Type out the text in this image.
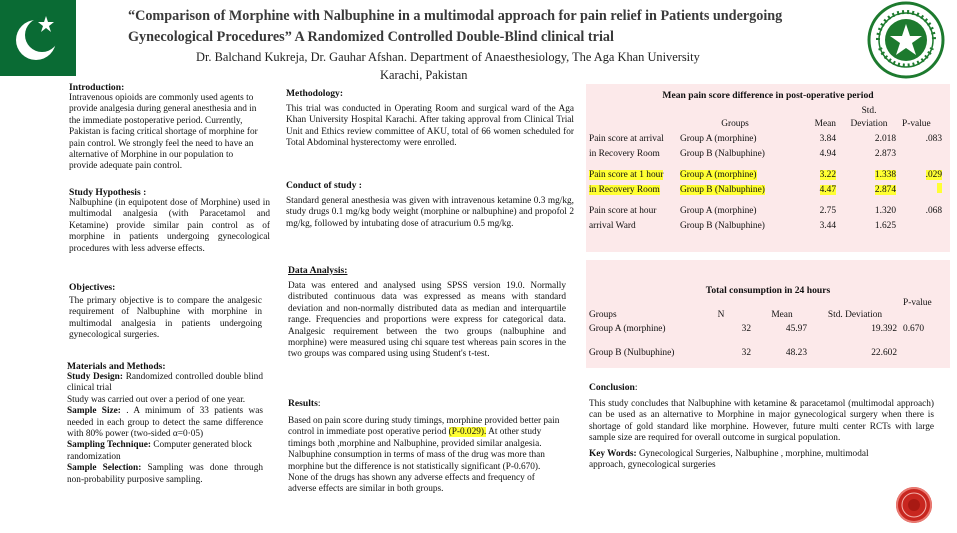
“Comparison of Morphine with Nalbuphine in a multimodal approach for pain relief in Patients undergoing
Gynecological Procedures” A Randomized Controlled Double-Blind clinical trial
Dr. Balchand Kukreja, Dr. Gauhar Afshan. Department of Anaesthesiology, The Aga Khan University
Karachi, Pakistan
Introduction:
Intravenous opioids are commonly used agents to provide analgesia during general anesthesia and in the immediate postoperative period. Currently, Pakistan is facing critical shortage of morphine for pain control. We strongly feel the need to have an alternative of Morphine in our population to provide adequate pain control.
Study Hypothesis :
Nalbuphine (in equipotent dose of Morphine) used in multimodal analgesia (with Paracetamol and Ketamine) provide similar pain control as of morphine in patients undergoing gynecological procedures with less adverse effects.
Objectives:
The primary objective is to compare the analgesic requirement of Nalbuphine with morphine in multimodal analgesia in patients undergoing gynecological surgeries.
Materials and Methods:
Study Design: Randomized controlled double blind clinical trial
Study was carried out over a period of one year.
Sample Size: . A minimum of 33 patients was needed in each group to detect the same difference with 80% power (two-sided α=0·05)
Sampling Technique: Computer generated block randomization
Sample Selection: Sampling was done through non-probability purposive sampling.
Methodology:
This trial was conducted in Operating Room and surgical ward of the Aga Khan University Hospital Karachi. After taking approval from Clinical Trial Unit and Ethics review committee of AKU, total of 66 women scheduled for Total Abdominal hysterectomy were enrolled.
Conduct of study :
Standard general anesthesia was given with intravenous ketamine 0.3 mg/kg, study drugs 0.1 mg/kg body weight (morphine or nalbuphine) and propofol 2 mg/kg, followed by intubating dose of atracurium 0.5 mg/kg.
Data Analysis:
Data was entered and analysed using SPSS version 19.0. Normally distributed continuous data was expressed as means with standard deviation and non-normally distributed data as median and interquartile range. Frequencies and proportions were express for categorical data. Analgesic requirement between the two groups (nalbuphine and morphine) were measured using chi square test whereas pain scores in the two groups was compared using using Student's t-test.
Results:
Based on pain score during study timings, morphine provided better pain control in immediate post operative period (P-0.029). At other study timings both ,morphine and Nalbuphine, provided similar analgesia. Nalbuphine consumption in terms of mass of the drug was more than morphine but the difference is not statistically significant (P-0.670). None of the drugs has shown any adverse effects and frequency of adverse effects are similar in both groups.
Mean pain score difference in post-operative period
			Std.	
	Groups	Mean	Deviation	P-value
Pain score at arrival	Group A (morphine)	3.84	2.018	.083
in Recovery Room	Group B (Nalbuphine)	4.94	2.873	

Pain score at 1 hour	Group A (morphine)	3.22	1.338	.029
in Recovery Room	Group B (Nalbuphine)	4.47	2.874	

Pain score at hour	Group A (morphine)	2.75	1.320	.068
arrival Ward	Group B (Nalbuphine)	3.44	1.625	
Total consumption in 24 hours
Groups	N	Mean	Std. Deviation	P-value
Group A (morphine)	32	45.97	19.392	0.670

Group B (Nulbuphine)	32	48.23	22.602	
Conclusion:
This study concludes that Nalbuphine with ketamine & paracetamol (multimodal approach) can be used as an alternative to Morphine in major gynecological surgery when there is shortage of gold standard like morphine. However, future multi center RCTs with large sample size are required for overall outcome in surgical population.
Key Words: Gynecological Surgeries, Nalbuphine , morphine, multimodal approach, gynecological surgeries
